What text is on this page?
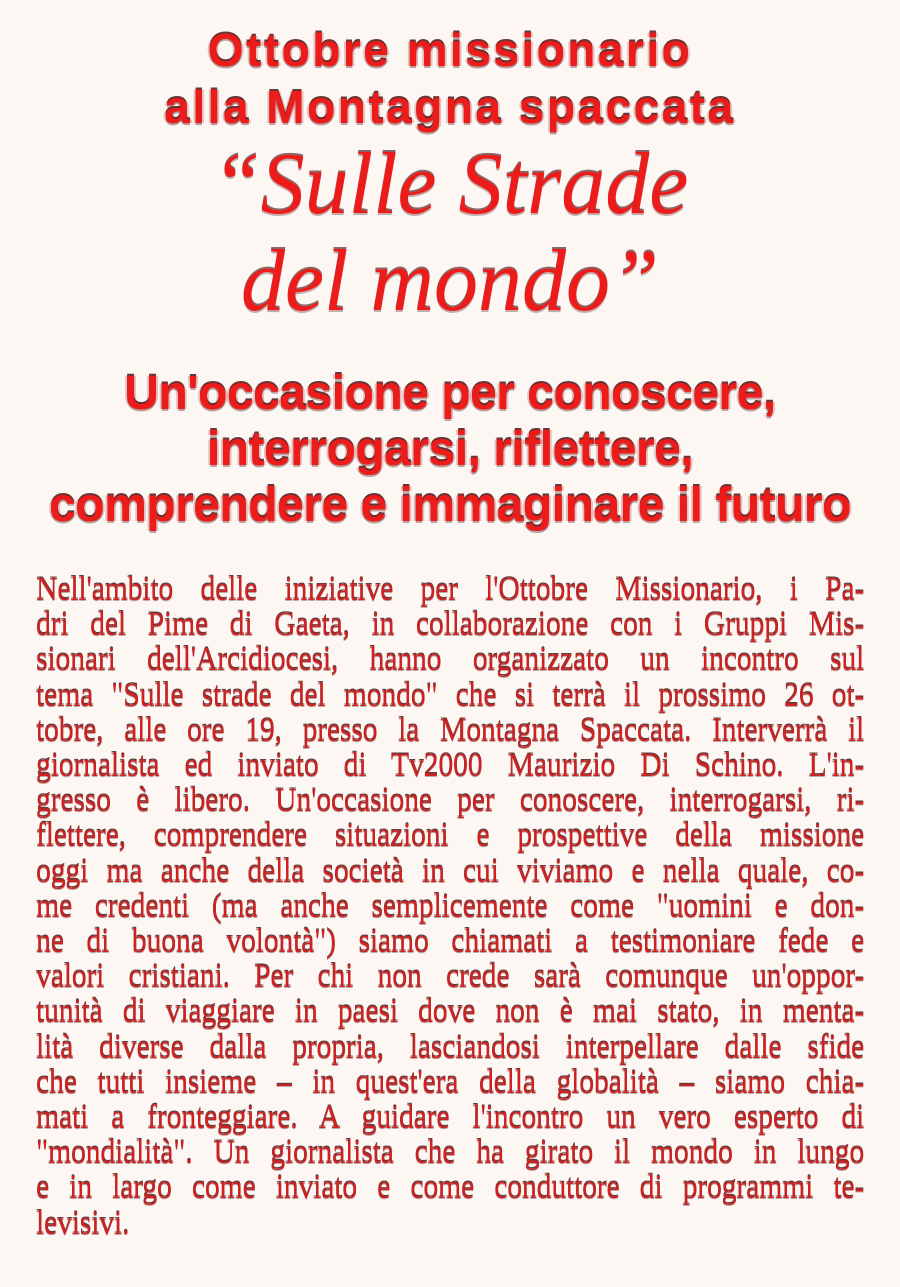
Ottobre missionario
alla Montagna spaccata
“Sulle Strade
del mondo”
Un'occasione per conoscere,
interrogarsi, riflettere,
comprendere e immaginare il futuro
Nell'ambito delle iniziative per l'Ottobre Missionario, i Pa-
dri del Pime di Gaeta, in collaborazione con i Gruppi Mis-
sionari dell'Arcidiocesi, hanno organizzato un incontro sul
tema "Sulle strade del mondo" che si terrà il prossimo 26 ot-
tobre, alle ore 19, presso la Montagna Spaccata. Interverrà il
giornalista ed inviato di Tv2000 Maurizio Di Schino. L'in-
gresso è libero. Un'occasione per conoscere, interrogarsi, ri-
flettere, comprendere situazioni e prospettive della missione
oggi ma anche della società in cui viviamo e nella quale, co-
me credenti (ma anche semplicemente come "uomini e don-
ne di buona volontà") siamo chiamati a testimoniare fede e
valori cristiani. Per chi non crede sarà comunque un'oppor-
tunità di viaggiare in paesi dove non è mai stato, in menta-
lità diverse dalla propria, lasciandosi interpellare dalle sfide
che tutti insieme – in quest'era della globalità – siamo chia-
mati a fronteggiare. A guidare l'incontro un vero esperto di
"mondialità". Un giornalista che ha girato il mondo in lungo
e in largo come inviato e come conduttore di programmi te-
levisivi.
